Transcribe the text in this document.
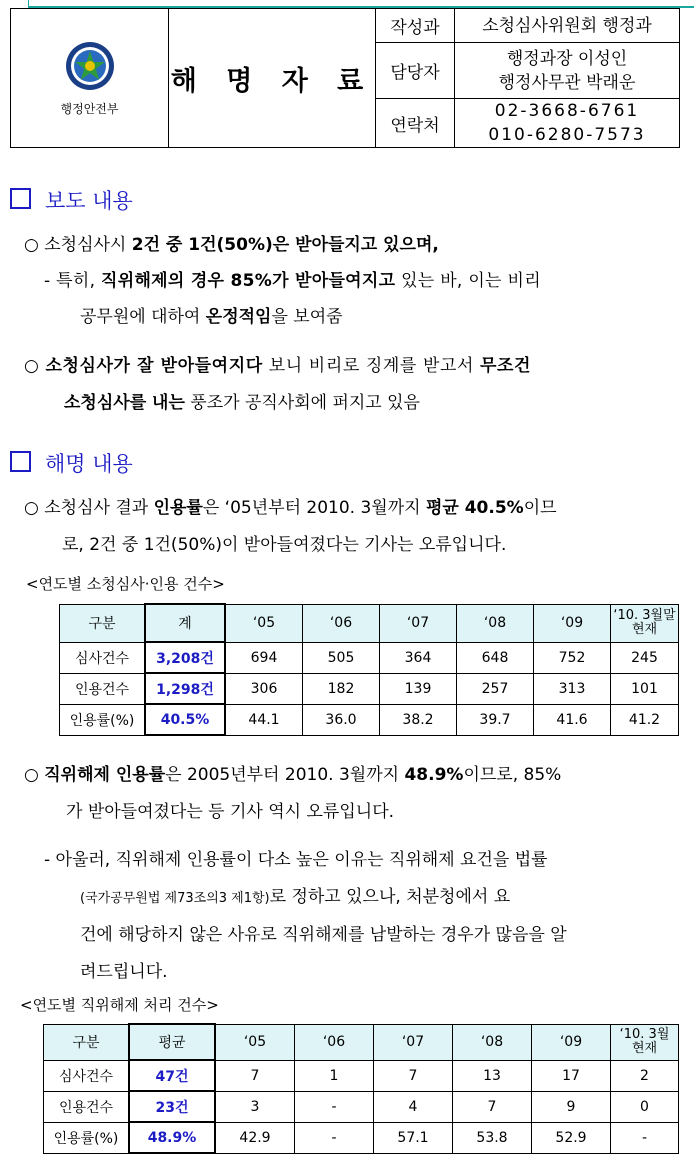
행정안전부	해 명 자 료	작성과	소청심사위원회 행정과
		담당자	행정과장 이성인
행정사무관 박래운

		연락처	02-3668-6761
010-6280-7573
보도 내용
○ 소청심사시 2건 중 1건(50%)은 받아들지고 있으며,
- 특히, 직위해제의 경우 85%가 받아들여지고 있는 바, 이는 비리
공무원에 대하여 온정적임을 보여줌
○ 소청심사가 잘 받아들여지다 보니 비리로 징계를 받고서 무조건
소청심사를 내는 풍조가 공직사회에 퍼지고 있음
해명 내용
○ 소청심사 결과 인용률은 ‘05년부터 2010. 3월까지 평균 40.5%이므
로, 2건 중 1건(50%)이 받아들여졌다는 기사는 오류입니다.
<연도별 소청심사·인용 건수>
구분	계	‘05	‘06	‘07	‘08	‘09	‘10. 3월말
현재

심사건수	3,208건	694	505	364	648	752	245
인용건수	1,298건	306	182	139	257	313	101
인용률(%)	40.5%	44.1	36.0	38.2	39.7	41.6	41.2
○ 직위해제 인용률은 2005년부터 2010. 3월까지 48.9%이므로, 85%
가 받아들여졌다는 등 기사 역시 오류입니다.
- 아울러, 직위해제 인용률이 다소 높은 이유는 직위해제 요건을 법률
(국가공무원법 제73조의3 제1항)로 정하고 있으나, 처분청에서 요
건에 해당하지 않은 사유로 직위해제를 남발하는 경우가 많음을 알
려드립니다.
<연도별 직위해제 처리 건수>
구분	평균	‘05	‘06	‘07	‘08	‘09	‘10. 3월
현재

심사건수	47건	7	1	7	13	17	2
인용건수	23건	3	-	4	7	9	0
인용률(%)	48.9%	42.9	-	57.1	53.8	52.9	-
